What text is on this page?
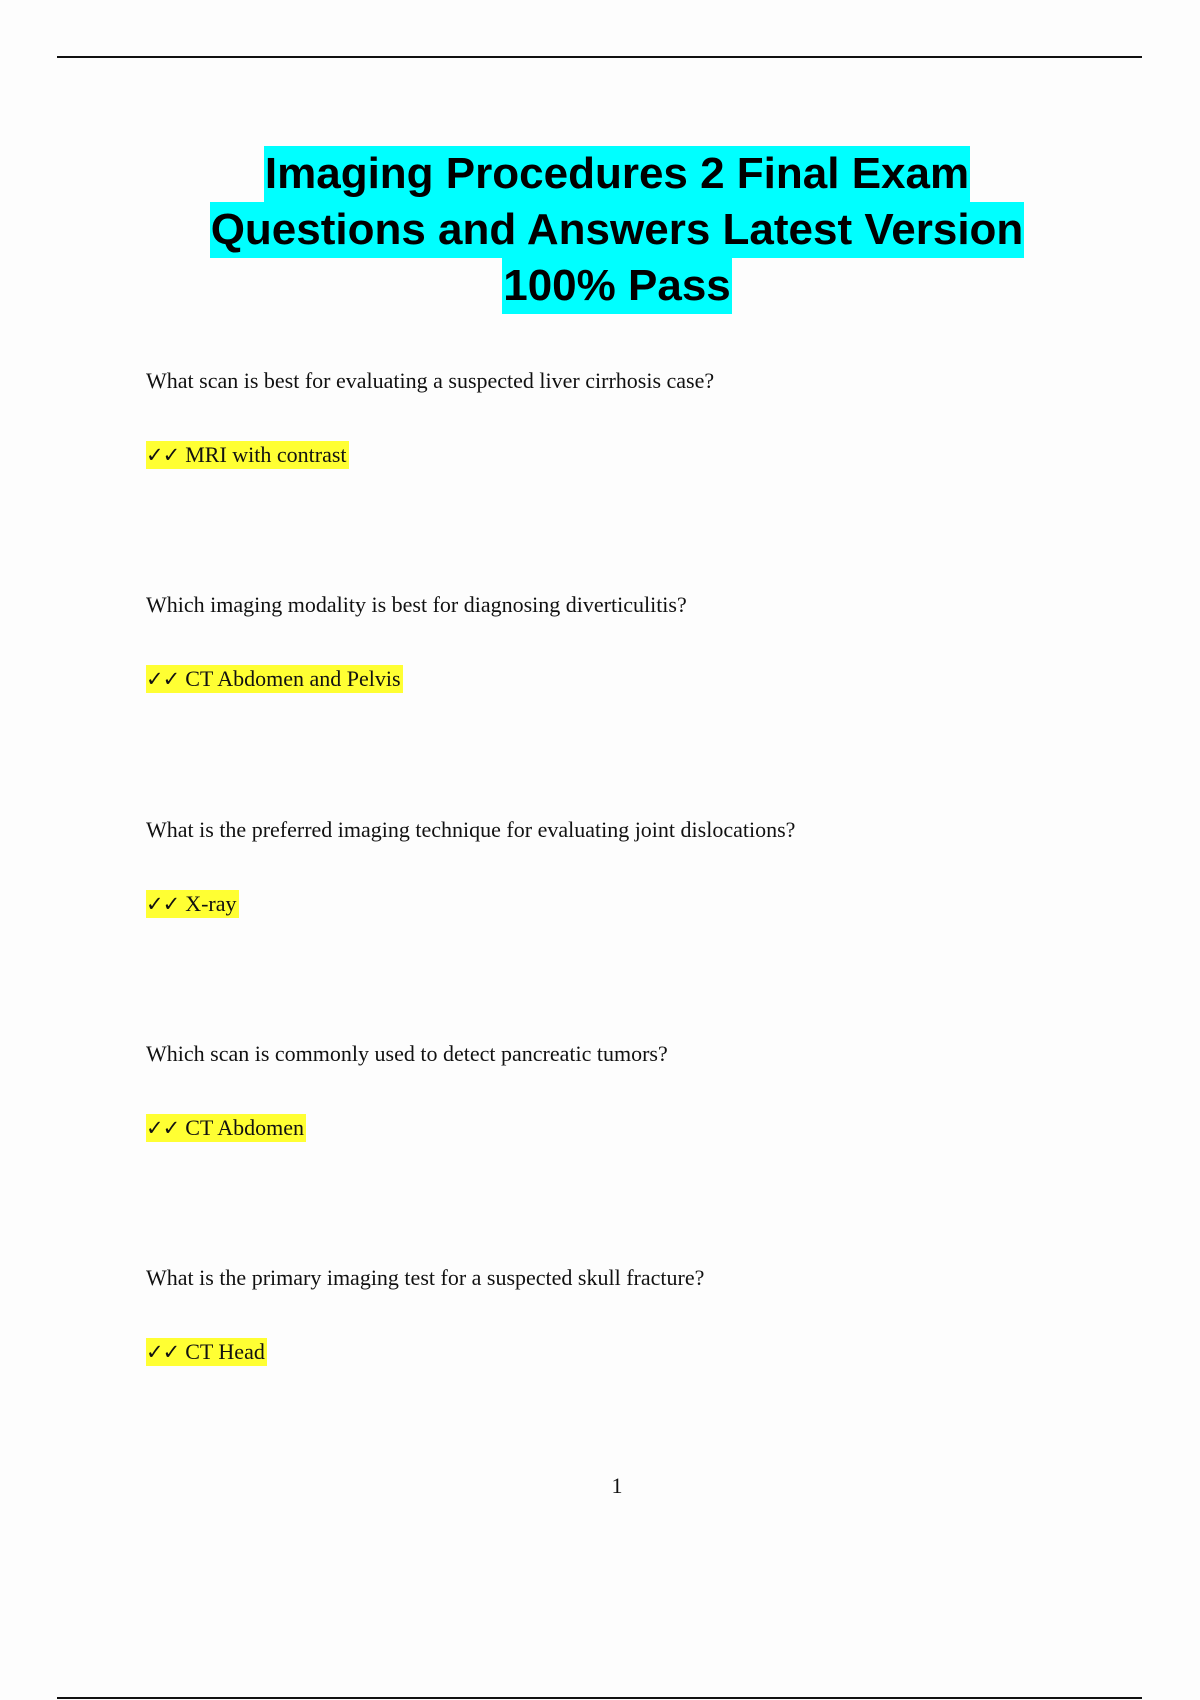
Imaging Procedures 2 Final Exam
Questions and Answers Latest Version
100% Pass
What scan is best for evaluating a suspected liver cirrhosis case?
✓✓ MRI with contrast
Which imaging modality is best for diagnosing diverticulitis?
✓✓ CT Abdomen and Pelvis
What is the preferred imaging technique for evaluating joint dislocations?
✓✓ X-ray
Which scan is commonly used to detect pancreatic tumors?
✓✓ CT Abdomen
What is the primary imaging test for a suspected skull fracture?
✓✓ CT Head
1
